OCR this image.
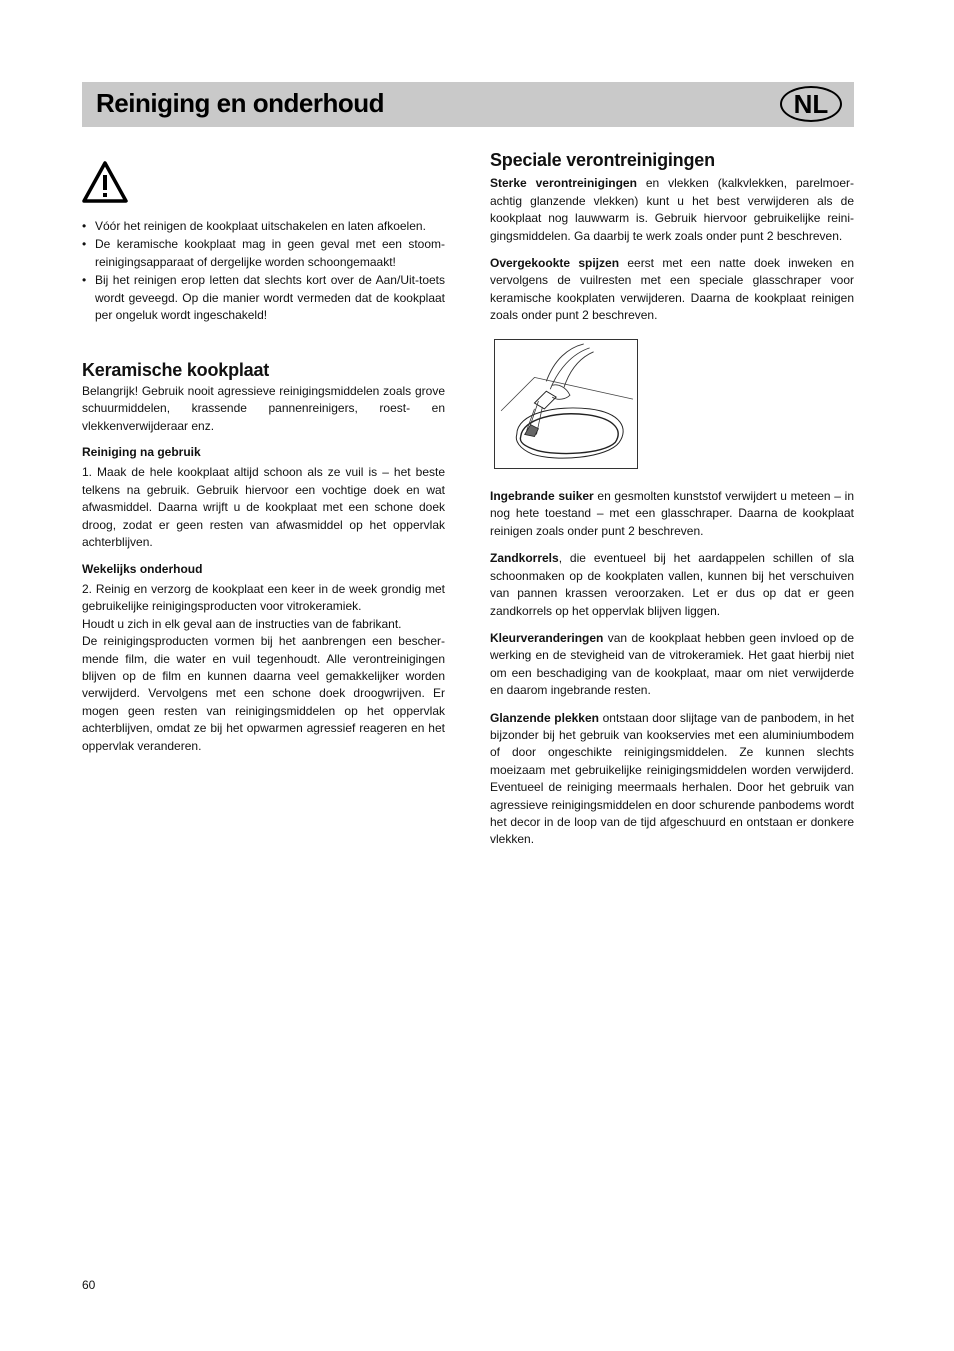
Reiniging en onderhoud	NL
• Vóór het reinigen de kookplaat uitschakelen en laten afkoelen.
• De keramische kookplaat mag in geen geval met een stoomreinigingsapparaat of dergelijke worden schoongemaakt!
• Bij het reinigen erop letten dat slechts kort over de Aan/Uit-toets wordt geveegd. Op die manier wordt vermeden dat de kookplaat per ongeluk wordt ingeschakeld!
Keramische kookplaat

Belangrijk! Gebruik nooit agressieve reinigingsmiddelen zoals grove schuurmiddelen, krassende pannenreinigers, roest- en vlekkenverwijderaar enz.

Reiniging na gebruik

1. Maak de hele kookplaat altijd schoon als ze vuil is – het beste telkens na gebruik. Gebruik hiervoor een vochtige doek en wat afwasmiddel. Daarna wrijft u de kookplaat met een schone doek droog, zodat er geen resten van afwasmiddel op het oppervlak achterblijven.

Wekelijks onderhoud

2. Reinig en verzorg de kookplaat een keer in de week grondig met gebruikelijke reinigingsproducten voor vitrokeramiek.

Houdt u zich in elk geval aan de instructies van de fabrikant.

De reinigingsproducten vormen bij het aanbrengen een beschermende film, die water en vuil tegenhoudt. Alle verontreinigingen blijven op de film en kunnen daarna veel gemakkelijker worden verwijderd. Vervolgens met een schone doek droogwrijven. Er mogen geen resten van reinigingsmiddelen op het oppervlak achterblijven, omdat ze bij het opwarmen agressief reageren en het oppervlak veranderen.

Speciale verontreinigingen

Sterke verontreinigingen en vlekken (kalkvlekken, parelmoerachtig glanzende vlekken) kunt u het best verwijderen als de kookplaat nog lauwwarm is. Gebruik hiervoor gebruikelijke reinigingsmiddelen. Ga daarbij te werk zoals onder punt 2 beschreven.

Overgekookte spijzen eerst met een natte doek inweken en vervolgens de vuilresten met een speciale glasschraper voor keramische kookplaten verwijderen. Daarna de kookplaat reinigen zoals onder punt 2 beschreven.

Ingebrande suiker en gesmolten kunststof verwijdert u meteen – in nog hete toestand – met een glasschraper. Daarna de kookplaat reinigen zoals onder punt 2 beschreven.

Zandkorrels, die eventueel bij het aardappelen schillen of sla schoonmaken op de kookplaten vallen, kunnen bij het verschuiven van pannen krassen veroorzaken. Let er dus op dat er geen zandkorrels op het oppervlak blijven liggen.

Kleurveranderingen van de kookplaat hebben geen invloed op de werking en de stevigheid van de vitrokeramiek. Het gaat hierbij niet om een beschadiging van de kookplaat, maar om niet verwijderde en daarom ingebrande resten.

Glanzende plekken ontstaan door slijtage van de panbodem, in het bijzonder bij het gebruik van kookservies met een aluminiumbodem of door ongeschikte reinigingsmiddelen. Ze kunnen slechts moeizaam met gebruikelijke reinigingsmiddelen worden verwijderd. Eventueel de reiniging meermaals herhalen. Door het gebruik van agressieve reinigingsmiddelen en door schurende panbodems wordt het decor in de loop van de tijd afgeschuurd en ontstaan er donkere vlekken.

60
